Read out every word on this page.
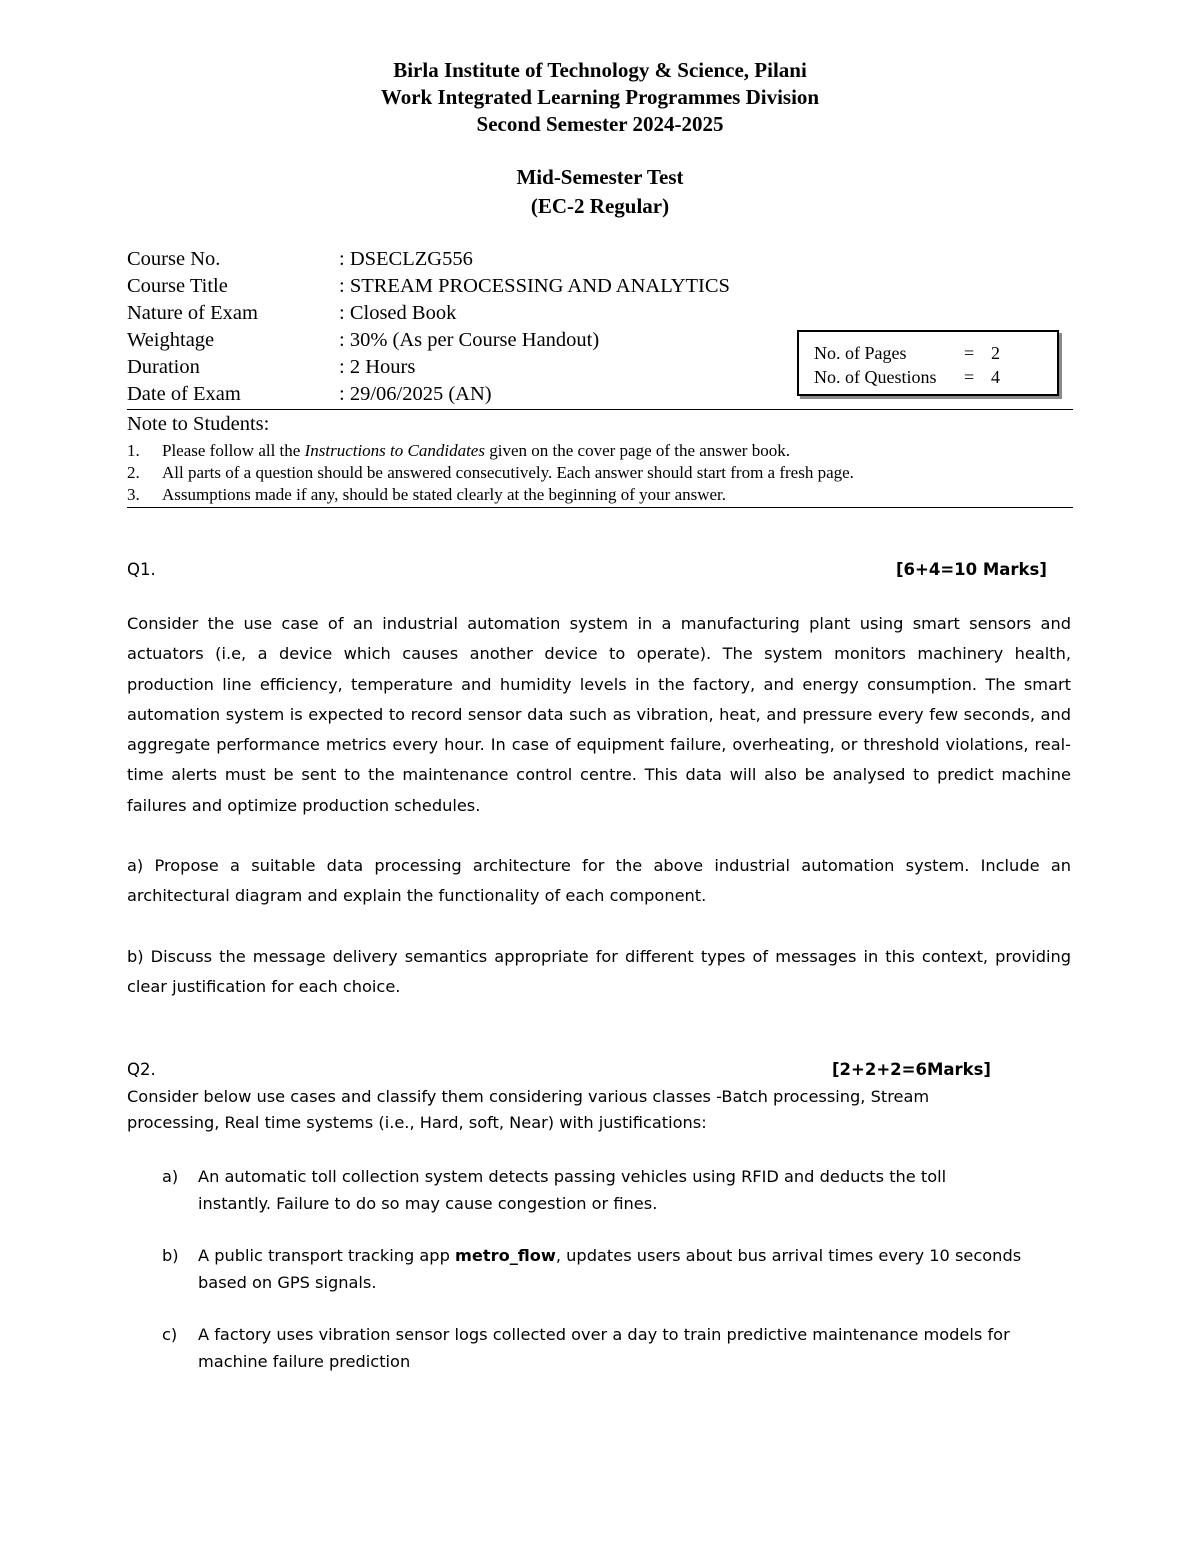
Birla Institute of Technology & Science, Pilani
Work Integrated Learning Programmes Division
Second Semester 2024-2025
Mid-Semester Test
(EC-2 Regular)
Course No.	: DSECLZG556
Course Title	: STREAM PROCESSING AND ANALYTICS
Nature of Exam	: Closed Book
Weightage	: 30% (As per Course Handout)
Duration	: 2 Hours
Date of Exam	: 29/06/2025 (AN)
No. of Pages	= 2
No. of Questions = 4
Note to Students:
1. Please follow all the Instructions to Candidates given on the cover page of the answer book.
2. All parts of a question should be answered consecutively. Each answer should start from a fresh page.
3. Assumptions made if any, should be stated clearly at the beginning of your answer.
Q1.	[6+4=10 Marks]
Consider the use case of an industrial automation system in a manufacturing plant using smart sensors and actuators (i.e, a device which causes another device to operate). The system monitors machinery health, production line efficiency, temperature and humidity levels in the factory, and energy consumption. The smart automation system is expected to record sensor data such as vibration, heat, and pressure every few seconds, and aggregate performance metrics every hour. In case of equipment failure, overheating, or threshold violations, real-time alerts must be sent to the maintenance control centre. This data will also be analysed to predict machine failures and optimize production schedules.
a) Propose a suitable data processing architecture for the above industrial automation system. Include an architectural diagram and explain the functionality of each component.
b) Discuss the message delivery semantics appropriate for different types of messages in this context, providing clear justification for each choice.
Q2.	[2+2+2=6Marks]
Consider below use cases and classify them considering various classes -Batch processing, Stream processing, Real time systems (i.e., Hard, soft, Near) with justifications:
a) An automatic toll collection system detects passing vehicles using RFID and deducts the toll instantly. Failure to do so may cause congestion or fines.
b) A public transport tracking app metro_flow, updates users about bus arrival times every 10 seconds based on GPS signals.
c) A factory uses vibration sensor logs collected over a day to train predictive maintenance models for machine failure prediction
